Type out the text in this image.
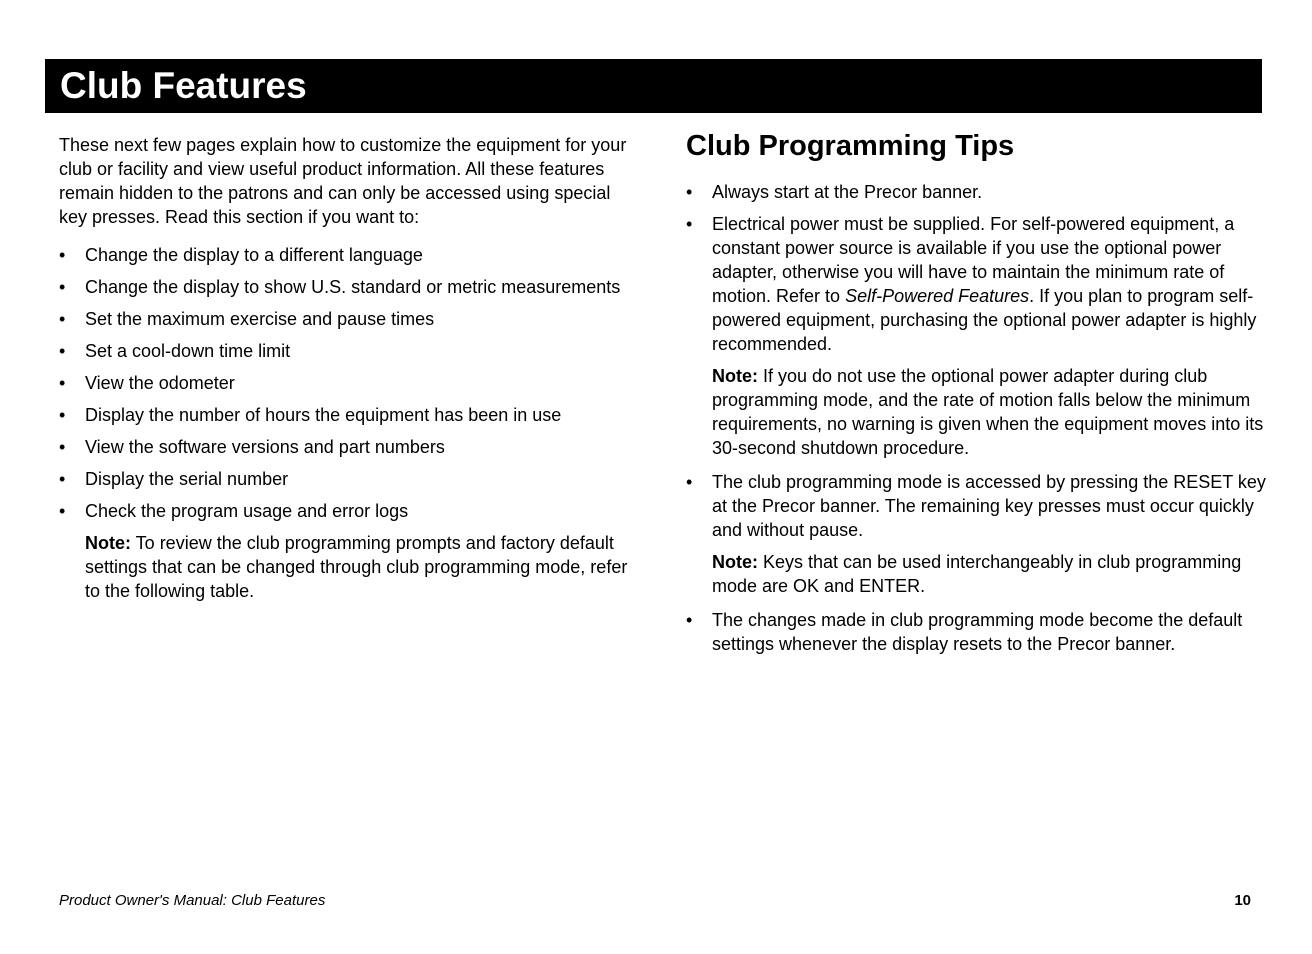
Club Features

These next few pages explain how to customize the equipment for your club or facility and view useful product information. All these features remain hidden to the patrons and can only be accessed using special key presses. Read this section if you want to:

• Change the display to a different language
• Change the display to show U.S. standard or metric measurements
• Set the maximum exercise and pause times
• Set a cool-down time limit
• View the odometer
• Display the number of hours the equipment has been in use
• View the software versions and part numbers
• Display the serial number
• Check the program usage and error logs

Note: To review the club programming prompts and factory default settings that can be changed through club programming mode, refer to the following table.

Club Programming Tips
• Always start at the Precor banner.
• Electrical power must be supplied. For self-powered equipment, a constant power source is available if you use the optional power adapter, otherwise you will have to maintain the minimum rate of motion. Refer to Self-Powered Features. If you plan to program self-powered equipment, purchasing the optional power adapter is highly recommended.

Note: If you do not use the optional power adapter during club programming mode, and the rate of motion falls below the minimum requirements, no warning is given when the equipment moves into its 30-second shutdown procedure.

• The club programming mode is accessed by pressing the RESET key at the Precor banner. The remaining key presses must occur quickly and without pause.

Note: Keys that can be used interchangeably in club programming mode are OK and ENTER.

• The changes made in club programming mode become the default settings whenever the display resets to the Precor banner.
Product Owner's Manual: Club Features	10
